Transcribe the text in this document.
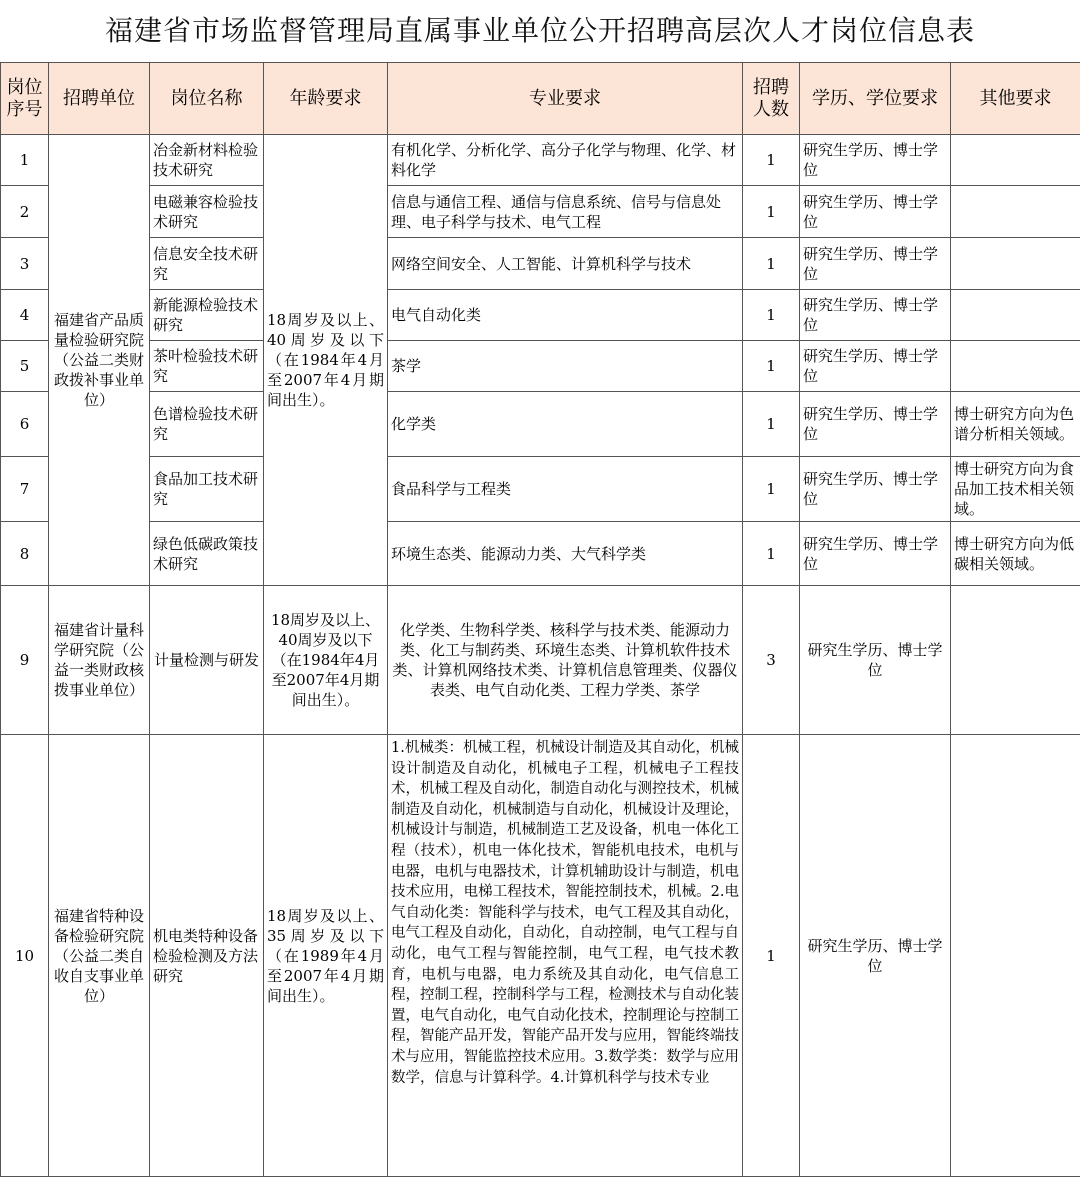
福建省市场监督管理局直属事业单位公开招聘高层次人才岗位信息表
岗位序号	招聘单位	岗位名称	年龄要求	专业要求	招聘人数	学历、学位要求	其他要求
1	福建省产品质量检验研究院（公益二类财政拨补事业单位）	冶金新材料检验技术研究	18周岁及以上、40周岁及以下（在1984年4月至2007年4月期间出生）。	有机化学、分析化学、高分子化学与物理、化学、材料化学	1	研究生学历、博士学位	
2		电磁兼容检验技术研究		信息与通信工程、通信与信息系统、信号与信息处理、电子科学与技术、电气工程	1	研究生学历、博士学位	
3		信息安全技术研究		网络空间安全、人工智能、计算机科学与技术	1	研究生学历、博士学位	
4		新能源检验技术研究		电气自动化类	1	研究生学历、博士学位	
5		茶叶检验技术研究		茶学	1	研究生学历、博士学位	
6		色谱检验技术研究		化学类	1	研究生学历、博士学位	博士研究方向为色谱分析相关领域。
7		食品加工技术研究		食品科学与工程类	1	研究生学历、博士学位	博士研究方向为食品加工技术相关领域。
8		绿色低碳政策技术研究		环境生态类、能源动力类、大气科学类	1	研究生学历、博士学位	博士研究方向为低碳相关领域。
9	福建省计量科学研究院（公益一类财政核拨事业单位）	计量检测与研发	18周岁及以上、40周岁及以下（在1984年4月至2007年4月期间出生）。	化学类、生物科学类、核科学与技术类、能源动力类、化工与制药类、环境生态类、计算机软件技术类、计算机网络技术类、计算机信息管理类、仪器仪表类、电气自动化类、工程力学类、茶学	3	研究生学历、博士学位	
10	福建省特种设备检验研究院（公益二类自收自支事业单位）	机电类特种设备检验检测及方法研究	18周岁及以上、35周岁及以下（在1989年4月至2007年4月期间出生）。	1.机械类：机械工程，机械设计制造及其自动化，机械设计制造及自动化，机械电子工程，机械电子工程技术，机械工程及自动化，制造自动化与测控技术，机械制造及自动化，机械制造与自动化，机械设计及理论，机械设计与制造，机械制造工艺及设备，机电一体化工程（技术），机电一体化技术，智能机电技术，电机与电器，电机与电器技术，计算机辅助设计与制造，机电技术应用，电梯工程技术，智能控制技术，机械。2.电气自动化类：智能科学与技术，电气工程及其自动化，电气工程及自动化，自动化，自动控制，电气工程与自动化，电气工程与智能控制，电气工程，电气技术教育，电机与电器，电力系统及其自动化，电气信息工程，控制工程，控制科学与工程，检测技术与自动化装置，电气自动化，电气自动化技术，控制理论与控制工程，智能产品开发，智能产品开发与应用，智能终端技术与应用，智能监控技术应用。3.数学类：数学与应用数学，信息与计算科学。4.计算机科学与技术专业	1	研究生学历、博士学位	
